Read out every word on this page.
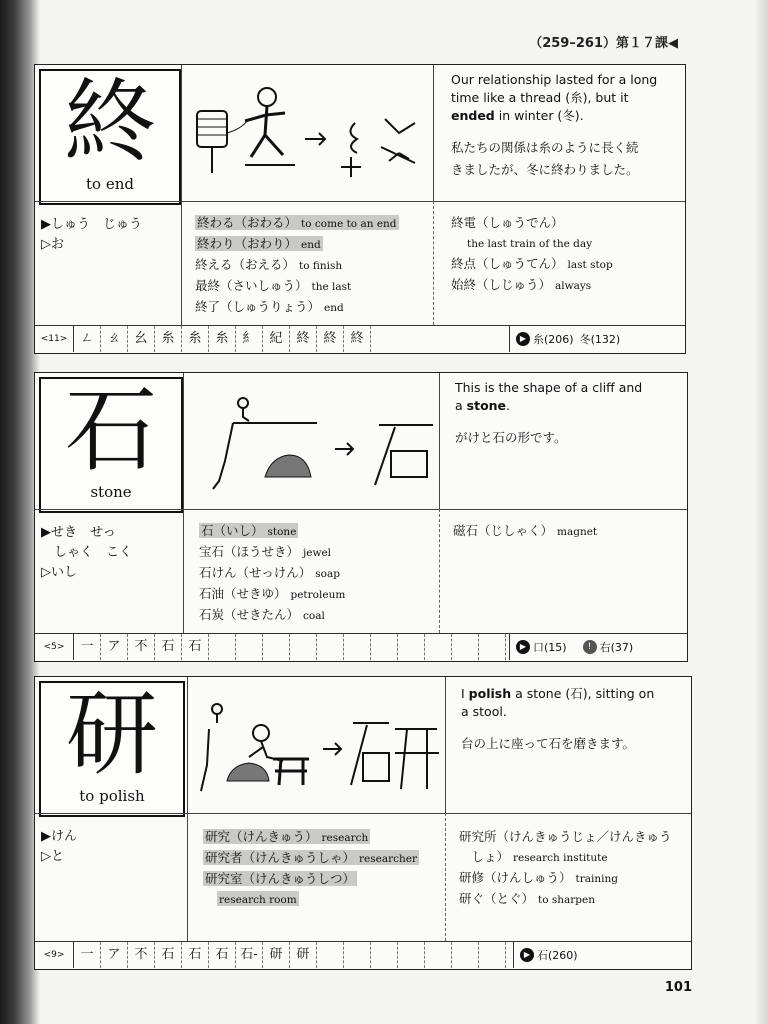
（259–261）第１７課◀
終
to end
Our relationship lasted for a long
time like a thread (糸), but it
ended in winter (冬).
私たちの関係は糸のように長く続
きましたが、冬に終わりました。
▶しゅう　じゅう
▷お
終わる（おわる） to come to an end
終わり（おわり） end
終える（おえる） to finish
最終（さいしゅう） the last
終了（しゅうりょう） end
終電（しゅうでん）
the last train of the day
終点（しゅうてん） last stop
始終（しじゅう） always
<11>	ㄥ	ㄠ	幺	糸	糸	糸	糹	紀	終	終	終	▶ 糸(206) 冬(132)
石
stone
This is the shape of a cliff and
a stone.
がけと石の形です。
▶せき　せっ
　しゃく　こく
▷いし
石（いし） stone
宝石（ほうせき） jewel
石けん（せっけん） soap
石油（せきゆ） petroleum
石炭（せきたん） coal
磁石（じしゃく） magnet
<5>	一	ア	不	石	石	▶ 口(15)	! 右(37)
研
to polish
I polish a stone (石), sitting on
a stool.
台の上に座って石を磨きます。
▶けん
▷と
研究（けんきゅう） research
研究者（けんきゅうしゃ） researcher
研究室（けんきゅうしつ）
research room
研究所（けんきゅうじょ／けんきゅう
　しょ） research institute
研修（けんしゅう） training
研ぐ（とぐ） to sharpen
<9>	一	ア	不	石	石	石 石- 研	研	▶ 石(260)
101
